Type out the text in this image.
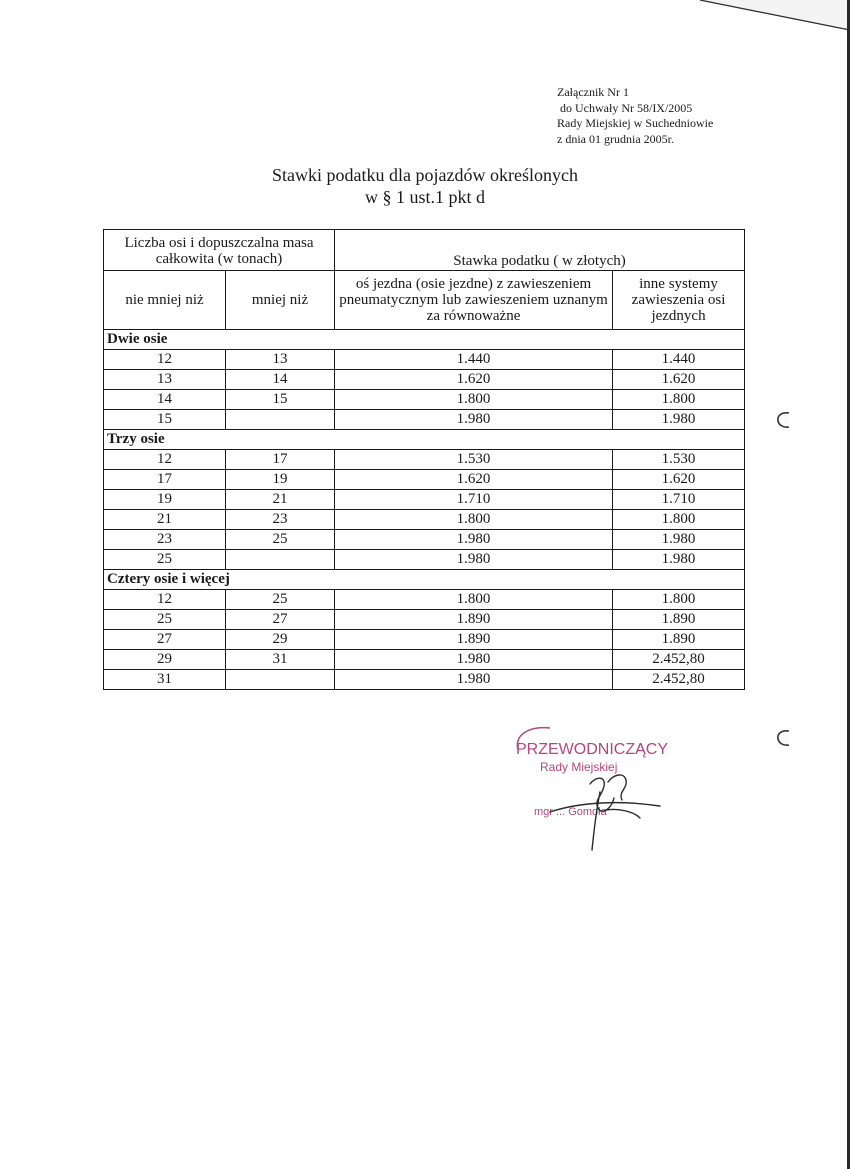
Załącznik Nr 1
do Uchwały Nr 58/IX/2005
Rady Miejskiej w Suchedniowie
z dnia 01 grudnia 2005r.
Stawki podatku dla pojazdów określonych
w § 1 ust.1 pkt d
Liczba osi i dopuszczalna masa całkowita (w tonach)		Stawka podatku ( w złotych)	
nie mniej niż	mniej niż	oś jezdna (osie jezdne) z zawieszeniem pneumatycznym lub zawieszeniem uznanym za równoważne	inne systemy zawieszenia osi jezdnych
Dwie osie			
12	13	1.440	1.440
13	14	1.620	1.620
14	15	1.800	1.800
15		1.980	1.980
Trzy osie			
12	17	1.530	1.530
17	19	1.620	1.620
19	21	1.710	1.710
21	23	1.800	1.800
23	25	1.980	1.980
25		1.980	1.980
Cztery osie i więcej			
12	25	1.800	1.800
25	27	1.890	1.890
27	29	1.890	1.890
29	31	1.980	2.452,80
31		1.980	2.452,80
PRZEWODNICZĄCY
Rady Miejskiej
mgr ... Gomoła
